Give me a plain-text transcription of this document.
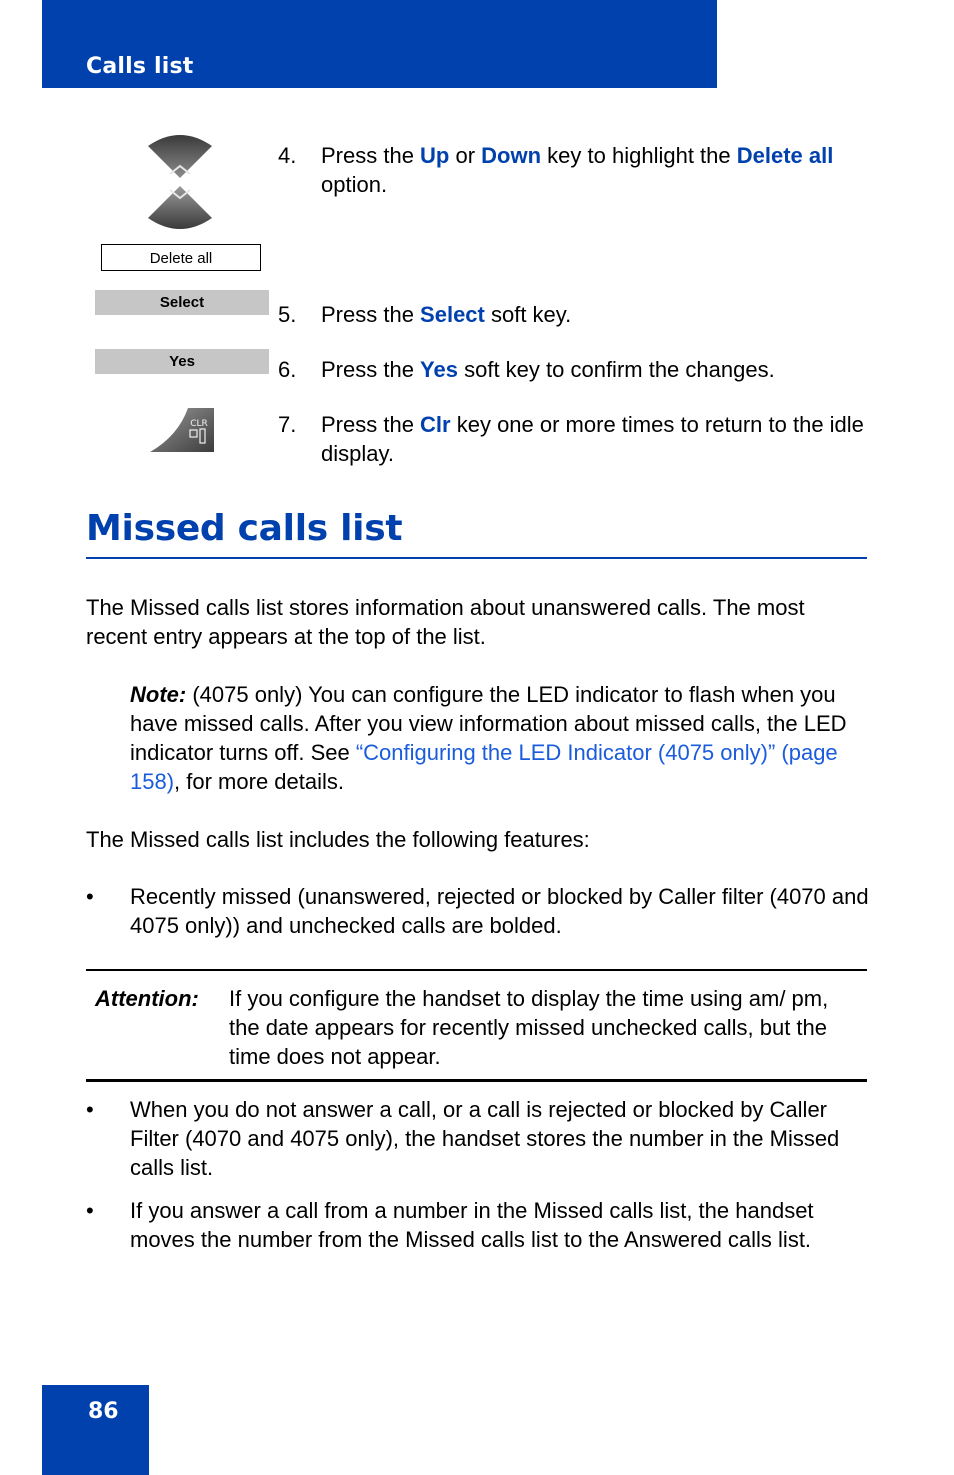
Calls list
Delete all
Select
Yes
CLR
4. Press the Up or Down key to highlight the Delete all option.
5. Press the Select soft key.
6. Press the Yes soft key to confirm the changes.
7. Press the Clr key one or more times to return to the idle display.
Missed calls list
The Missed calls list stores information about unanswered calls. The most recent entry appears at the top of the list.
Note: (4075 only) You can configure the LED indicator to flash when you have missed calls. After you view information about missed calls, the LED indicator turns off. See “Configuring the LED Indicator (4075 only)” (page 158), for more details.
The Missed calls list includes the following features:
• Recently missed (unanswered, rejected or blocked by Caller filter (4070 and 4075 only)) and unchecked calls are bolded.
Attention: If you configure the handset to display the time using am/ pm, the date appears for recently missed unchecked calls, but the time does not appear.
• When you do not answer a call, or a call is rejected or blocked by Caller Filter (4070 and 4075 only), the handset stores the number in the Missed calls list.
• If you answer a call from a number in the Missed calls list, the handset moves the number from the Missed calls list to the Answered calls list.
86
